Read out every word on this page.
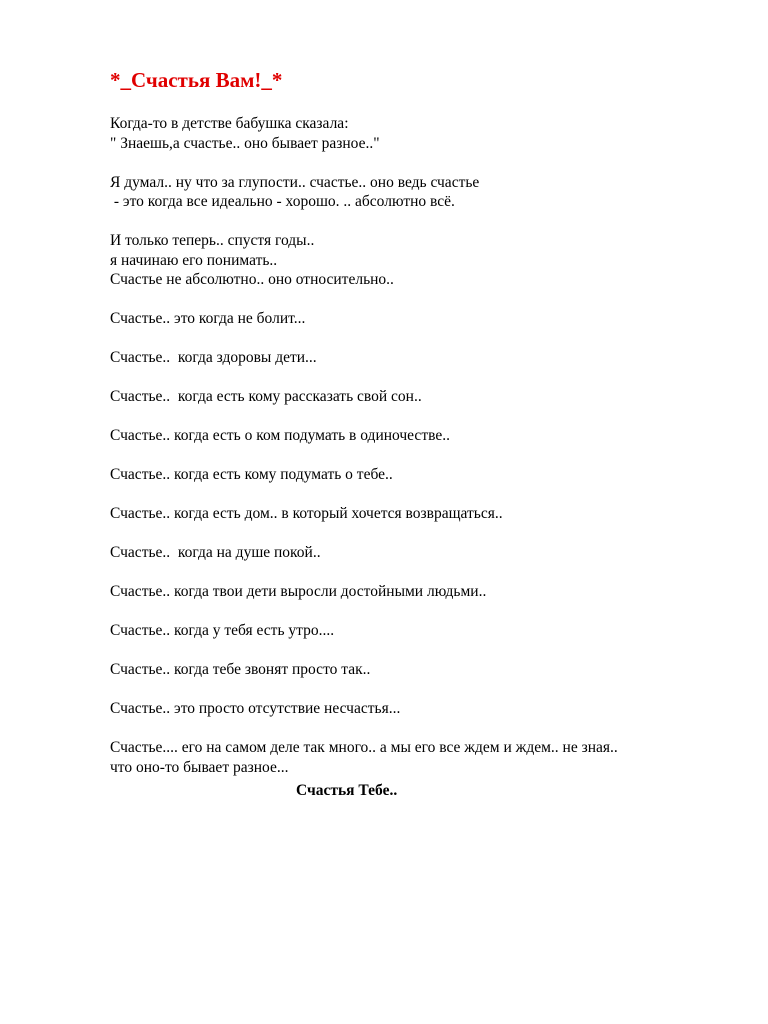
*_Счастья Вам!_*
Когда-то в детстве бабушка сказала:
" Знаешь,а счастье.. оно бывает разное.."
Я думал.. ну что за глупости.. счастье.. оно ведь счастье
- это когда все идеально - хорошо. .. абсолютно всё.
И только теперь.. спустя годы..
я начинаю его понимать..
Счастье не абсолютно.. оно относительно..
Счастье.. это когда не болит...
Счастье..  когда здоровы дети...
Счастье..  когда есть кому рассказать свой сон..
Счастье.. когда есть о ком подумать в одиночестве..
Счастье.. когда есть кому подумать о тебе..
Счастье.. когда есть дом.. в который хочется возвращаться..
Счастье..  когда на душе покой..
Счастье.. когда твои дети выросли достойными людьми..
Счастье.. когда у тебя есть утро....
Счастье.. когда тебе звонят просто так..
Счастье.. это просто отсутствие несчастья...
Счастье.... его на самом деле так много.. а мы его все ждем и ждем.. не зная..
что оно-то бывает разное...
Счастья Тебе..
